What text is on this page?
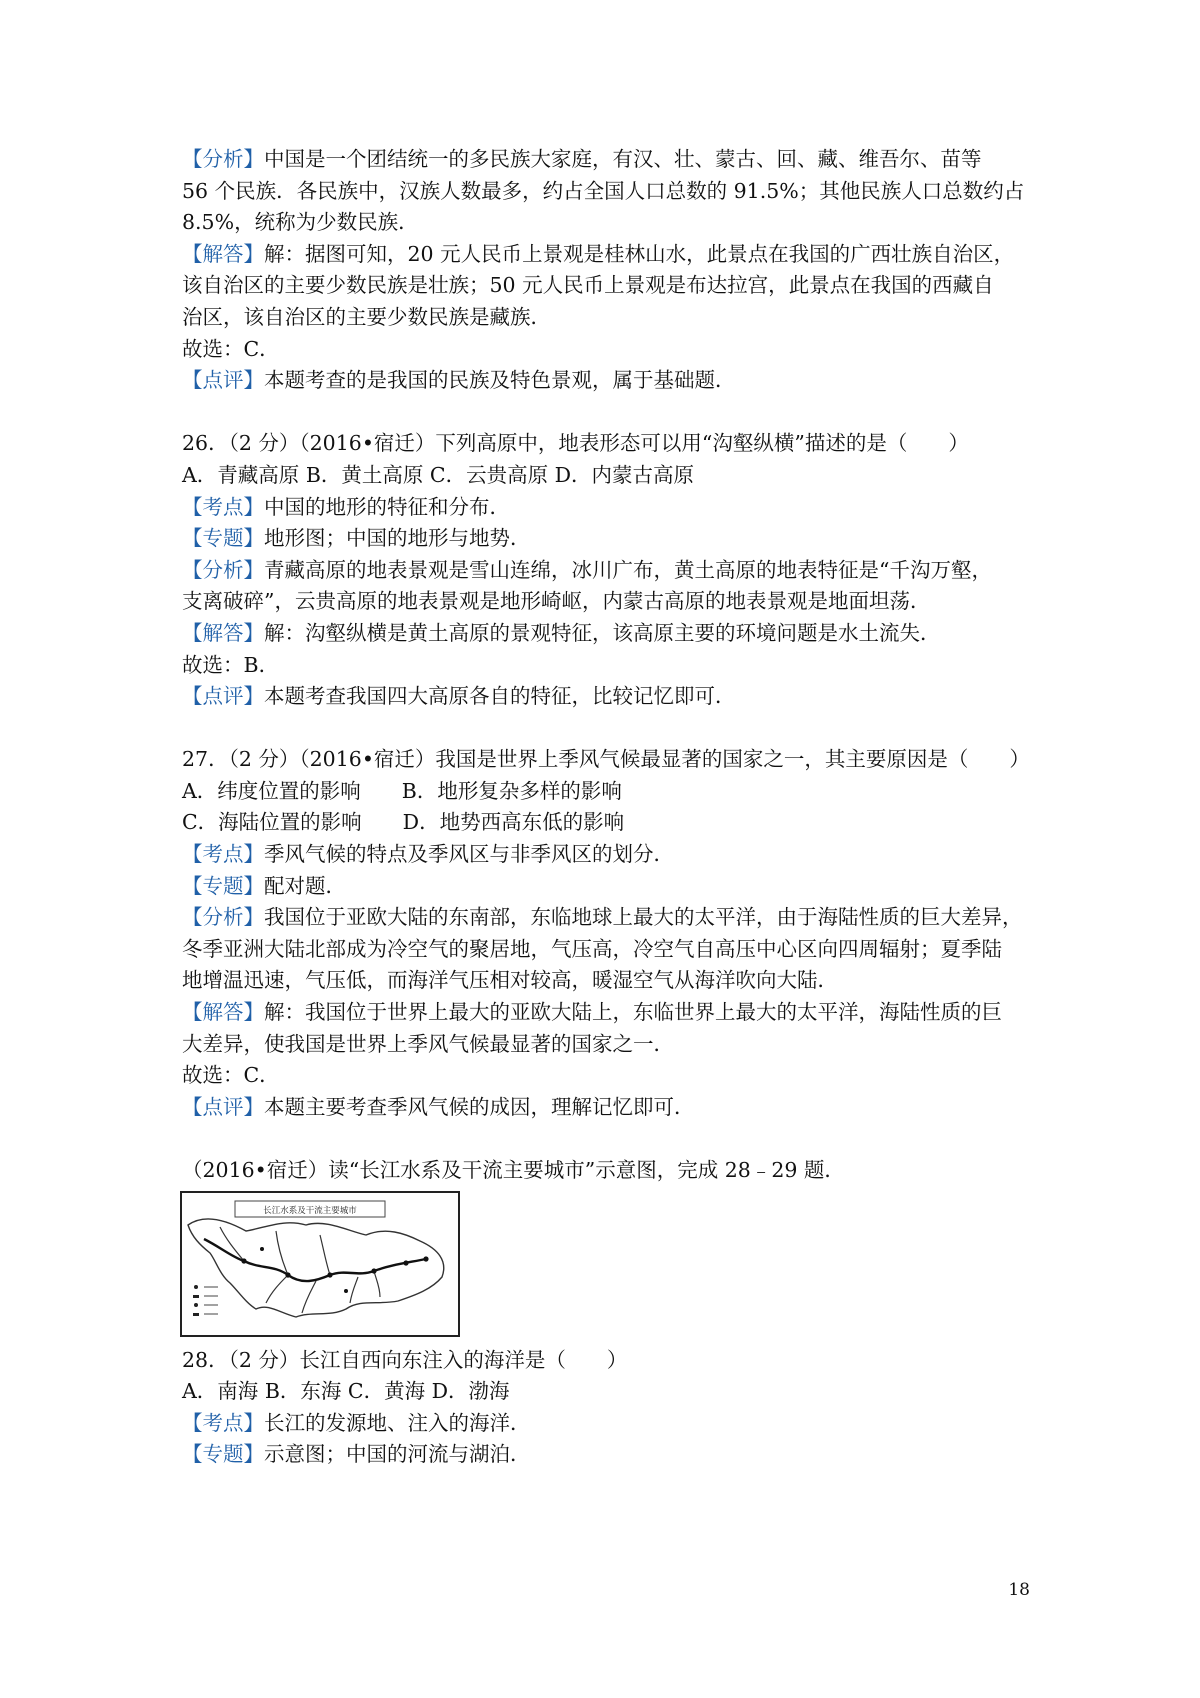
【分析】中国是一个团结统一的多民族大家庭，有汉、壮、蒙古、回、藏、维吾尔、苗等
56 个民族．各民族中，汉族人数最多，约占全国人口总数的 91.5%；其他民族人口总数约占
8.5%，统称为少数民族．
【解答】解：据图可知，20 元人民币上景观是桂林山水，此景点在我国的广西壮族自治区，
该自治区的主要少数民族是壮族；50 元人民币上景观是布达拉宫，此景点在我国的西藏自
治区，该自治区的主要少数民族是藏族．
故选：C．
【点评】本题考查的是我国的民族及特色景观，属于基础题．
26．（2 分）（2016•宿迁）下列高原中，地表形态可以用“沟壑纵横”描述的是（　　）
A．青藏高原 B．黄土高原 C．云贵高原 D．内蒙古高原
【考点】中国的地形的特征和分布．
【专题】地形图；中国的地形与地势．
【分析】青藏高原的地表景观是雪山连绵，冰川广布，黄土高原的地表特征是“千沟万壑，
支离破碎”，云贵高原的地表景观是地形崎岖，内蒙古高原的地表景观是地面坦荡．
【解答】解：沟壑纵横是黄土高原的景观特征，该高原主要的环境问题是水土流失．
故选：B．
【点评】本题考查我国四大高原各自的特征，比较记忆即可．
27．（2 分）（2016•宿迁）我国是世界上季风气候最显著的国家之一，其主要原因是（　　）
A．纬度位置的影响　　B．地形复杂多样的影响
C．海陆位置的影响　　D．地势西高东低的影响
【考点】季风气候的特点及季风区与非季风区的划分．
【专题】配对题．
【分析】我国位于亚欧大陆的东南部，东临地球上最大的太平洋，由于海陆性质的巨大差异，
冬季亚洲大陆北部成为冷空气的聚居地，气压高，冷空气自高压中心区向四周辐射；夏季陆
地增温迅速，气压低，而海洋气压相对较高，暖湿空气从海洋吹向大陆．
【解答】解：我国位于世界上最大的亚欧大陆上，东临世界上最大的太平洋，海陆性质的巨
大差异，使我国是世界上季风气候最显著的国家之一．
故选：C．
【点评】本题主要考查季风气候的成因，理解记忆即可．
（2016•宿迁）读“长江水系及干流主要城市”示意图，完成 28﹣29 题．
长江水系及干流主要城市
28．（2 分）长江自西向东注入的海洋是（　　）
A．南海 B．东海 C．黄海 D．渤海
【考点】长江的发源地、注入的海洋．
【专题】示意图；中国的河流与湖泊．
18
